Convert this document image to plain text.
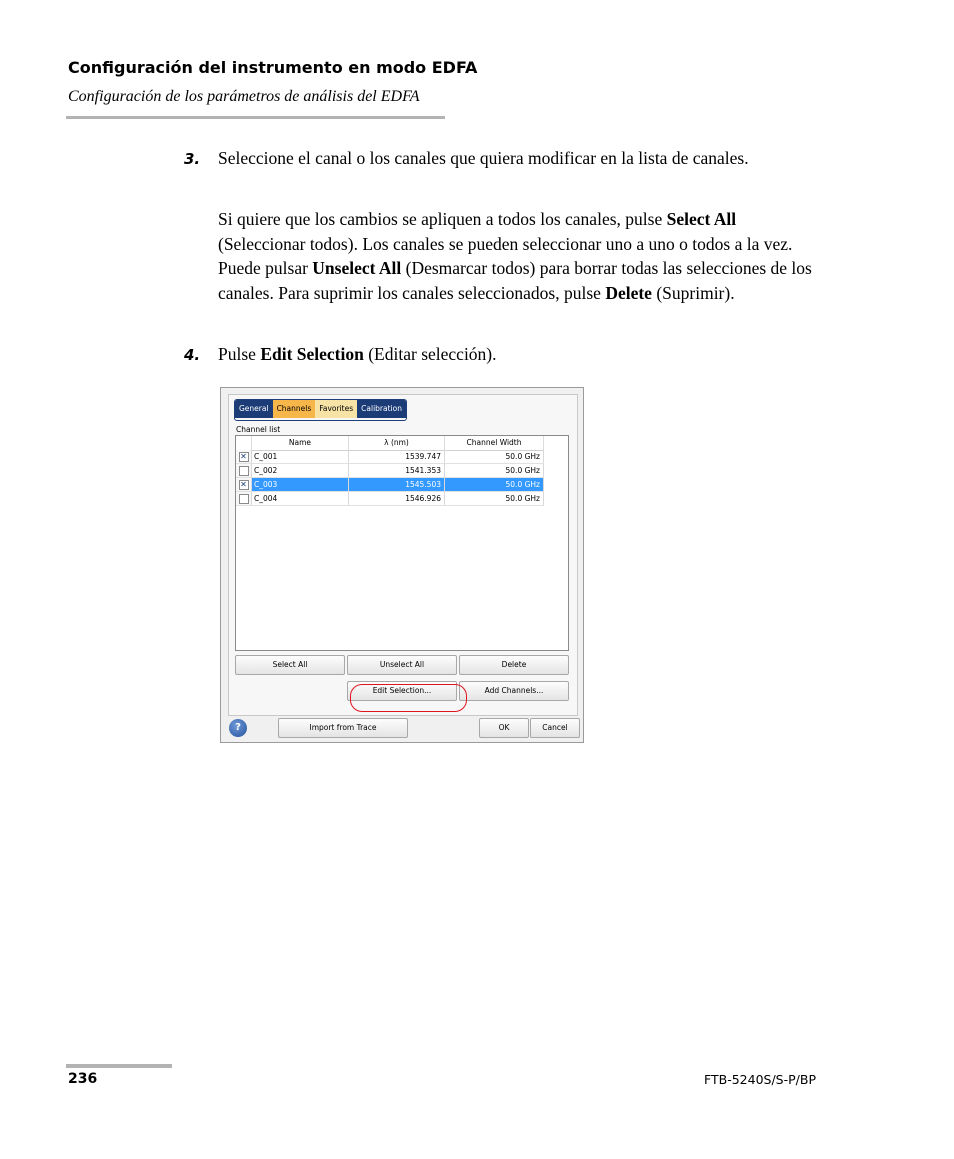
Configuración del instrumento en modo EDFA
Configuración de los parámetros de análisis del EDFA
3. Seleccione el canal o los canales que quiera modificar en la lista de canales.
Si quiere que los cambios se apliquen a todos los canales, pulse Select All (Seleccionar todos). Los canales se pueden seleccionar uno a uno o todos a la vez. Puede pulsar Unselect All (Desmarcar todos) para borrar todas las selecciones de los canales. Para suprimir los canales seleccionados, pulse Delete (Suprimir).
4. Pulse Edit Selection (Editar selección).
General	Channels	Favorites	Calibration
Channel list
Name	λ (nm)	Channel Width
✕ C_001	1539.747	50.0 GHz
C_002	1541.353	50.0 GHz
✕ C_003	1545.503	50.0 GHz
C_004	1546.926	50.0 GHz
Select All	Unselect All	Delete
Edit Selection...	Add Channels...
?	Import from Trace	OK	Cancel
236	FTB-5240S/S-P/BP
